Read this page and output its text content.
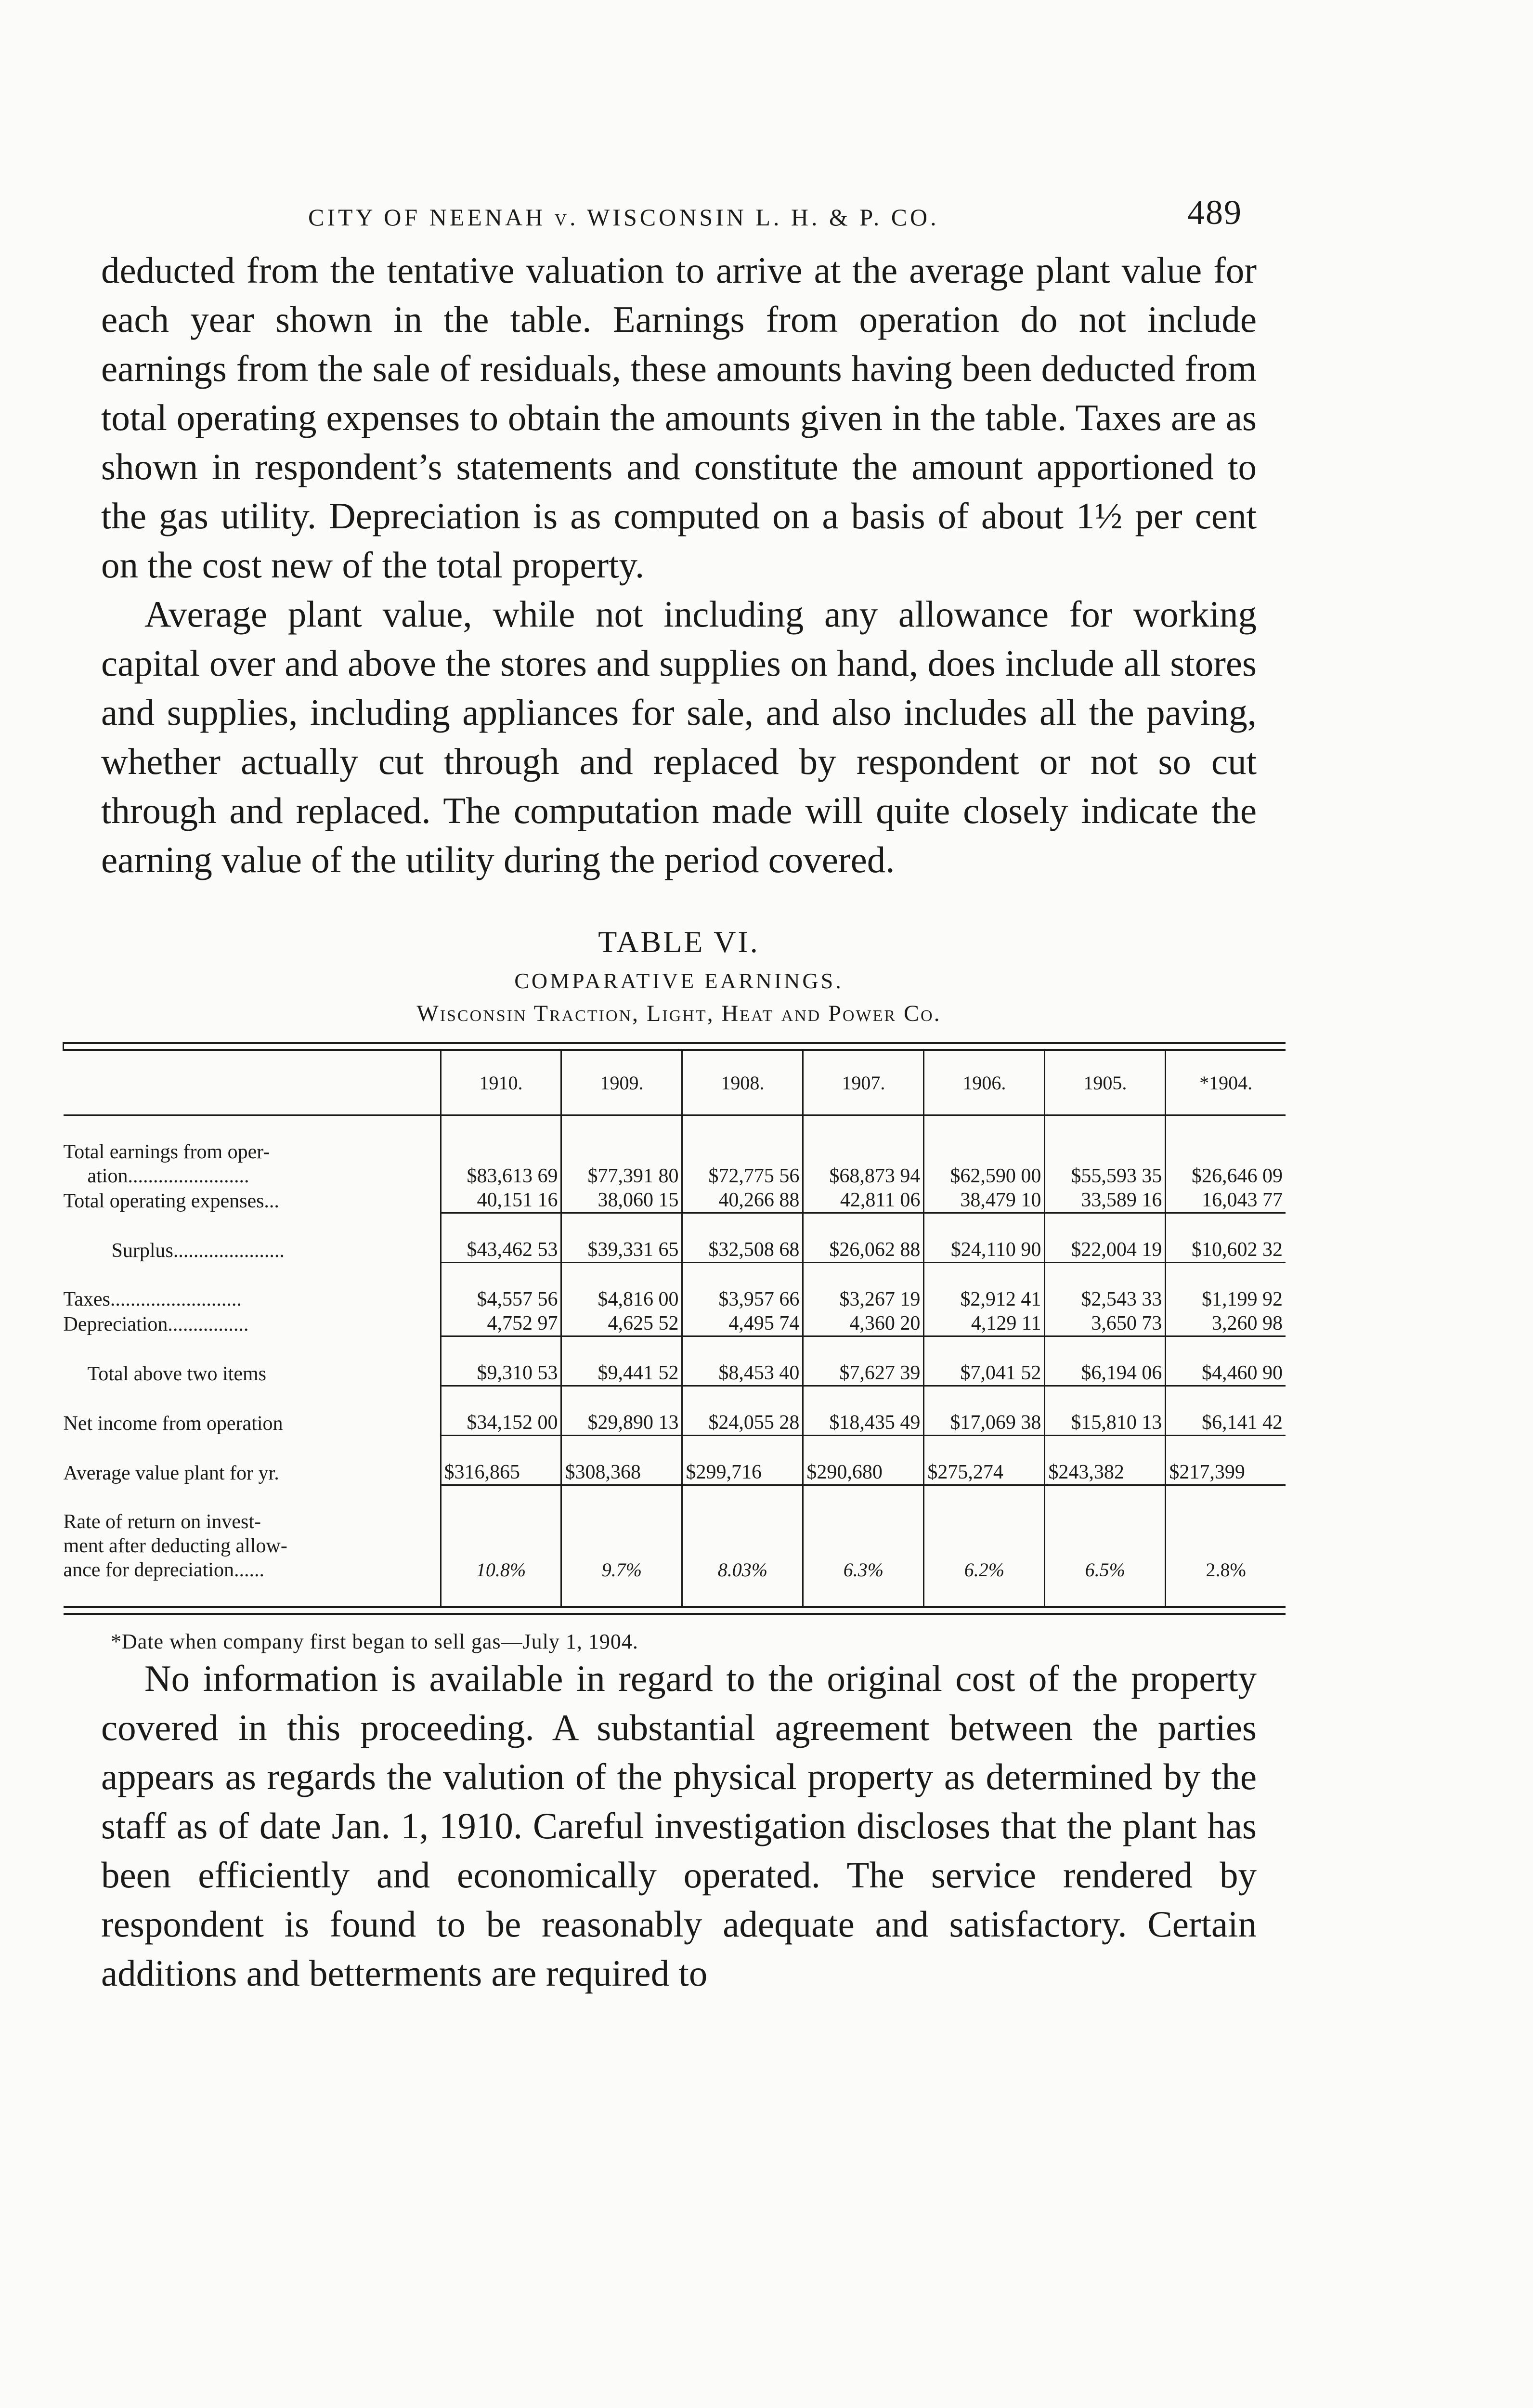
CITY OF NEENAH v. WISCONSIN L. H. & P. CO.	489

deducted from the tentative valuation to arrive at the average plant value for each year shown in the table. Earnings from operation do not include earnings from the sale of residuals, these amounts having been deducted from total operating expenses to obtain the amounts given in the table. Taxes are as shown in respondent’s statements and constitute the amount apportioned to the gas utility. Depreciation is as computed on a basis of about 1½ per cent on the cost new of the total property.

Average plant value, while not including any allowance for working capital over and above the stores and supplies on hand, does include all stores and supplies, including appliances for sale, and also includes all the paving, whether actually cut through and replaced by respondent or not so cut through and replaced. The computation made will quite closely indicate the earning value of the utility during the period covered.

TABLE VI.
COMPARATIVE EARNINGS.
Wisconsin Traction, Light, Heat and Power Co.

	1910.	1909.	1908.	1907.	1906.	1905.	*1904.

Total earnings from oper-
ation........................	$83,613 69	$77,391 80	$72,775 56	$68,873 94	$62,590 00	$55,593 35	$26,646 09
Total operating expenses...	40,151 16	38,060 15	40,266 88	42,811 06	38,479 10	33,589 16	16,043 77

Surplus......................	$43,462 53	$39,331 65	$32,508 68	$26,062 88	$24,110 90	$22,004 19	$10,602 32

Taxes..........................	$4,557 56	$4,816 00	$3,957 66	$3,267 19	$2,912 41	$2,543 33	$1,199 92
Depreciation................	4,752 97	4,625 52	4,495 74	4,360 20	4,129 11	3,650 73	3,260 98

Total above two items	$9,310 53	$9,441 52	$8,453 40	$7,627 39	$7,041 52	$6,194 06	$4,460 90

Net income from operation	$34,152 00	$29,890 13	$24,055 28	$18,435 49	$17,069 38	$15,810 13	$6,141 42

Average value plant for yr.	$316,865	$308,368	$299,716	$290,680	$275,274	$243,382	$217,399

Rate of return on invest-
ment after deducting allow-
ance for depreciation......	10.8%	9.7%	8.03%	6.3%	6.2%	6.5%	2.8%

*Date when company first began to sell gas—July 1, 1904.

No information is available in regard to the original cost of the property covered in this proceeding. A substantial agreement between the parties appears as regards the valution of the physical property as determined by the staff as of date Jan. 1, 1910. Careful investigation discloses that the plant has been efficiently and economically operated. The service rendered by respondent is found to be reasonably adequate and satisfactory. Certain additions and betterments are required to
